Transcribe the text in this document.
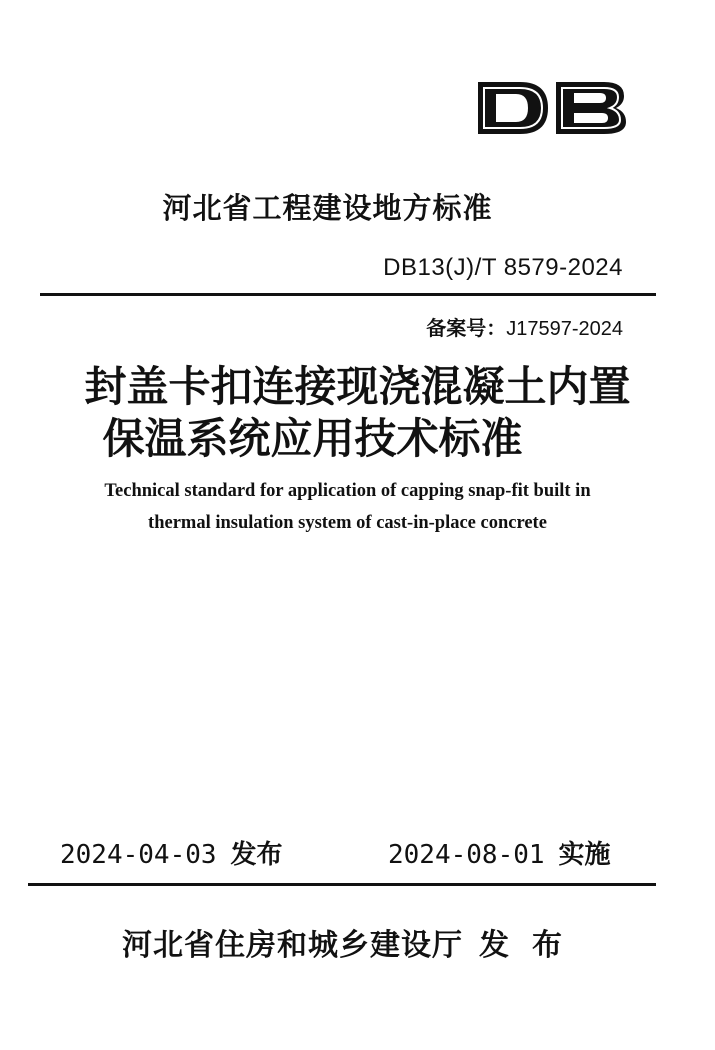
河北省工程建设地方标准
DB13(J)/T 8579-2024
备案号：J17597-2024
封盖卡扣连接现浇混凝土内置
保温系统应用技术标准
Technical standard for application of capping snap-fit built in
thermal insulation system of cast-in-place concrete
2024-04-03 发布	2024-08-01 实施
河北省住房和城乡建设厅 发 布
